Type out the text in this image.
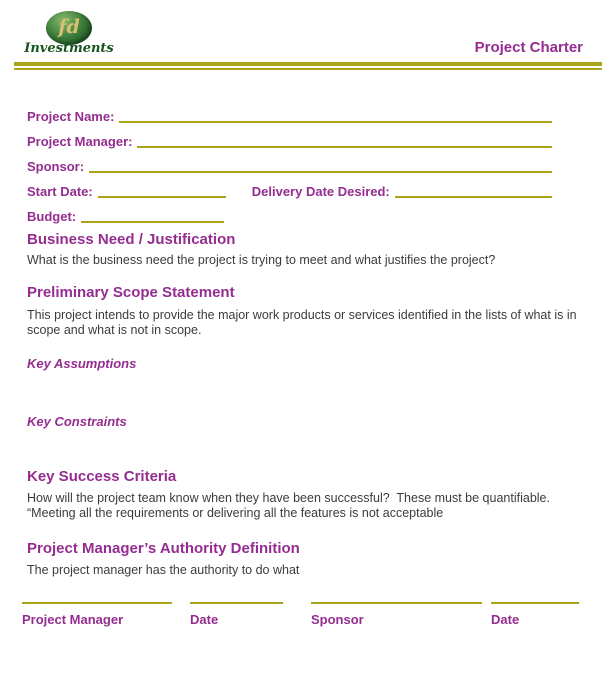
fd
Investments	Project Charter
Project Name:
Project Manager:
Sponsor:
Start Date:	Delivery Date Desired:
Budget:
Business Need / Justification

What is the business need the project is trying to meet and what justifies the project?

Preliminary Scope Statement

This project intends to provide the major work products or services identified in the lists of what is in scope and what is not in scope.

Key Assumptions
Key Constraints
Key Success Criteria

How will the project team know when they have been successful?  These must be quantifiable.

“Meeting all the requirements or delivering all the features is not acceptable

Project Manager’s Authority Definition

The project manager has the authority to do what

Project Manager	Date	Sponsor	Date
